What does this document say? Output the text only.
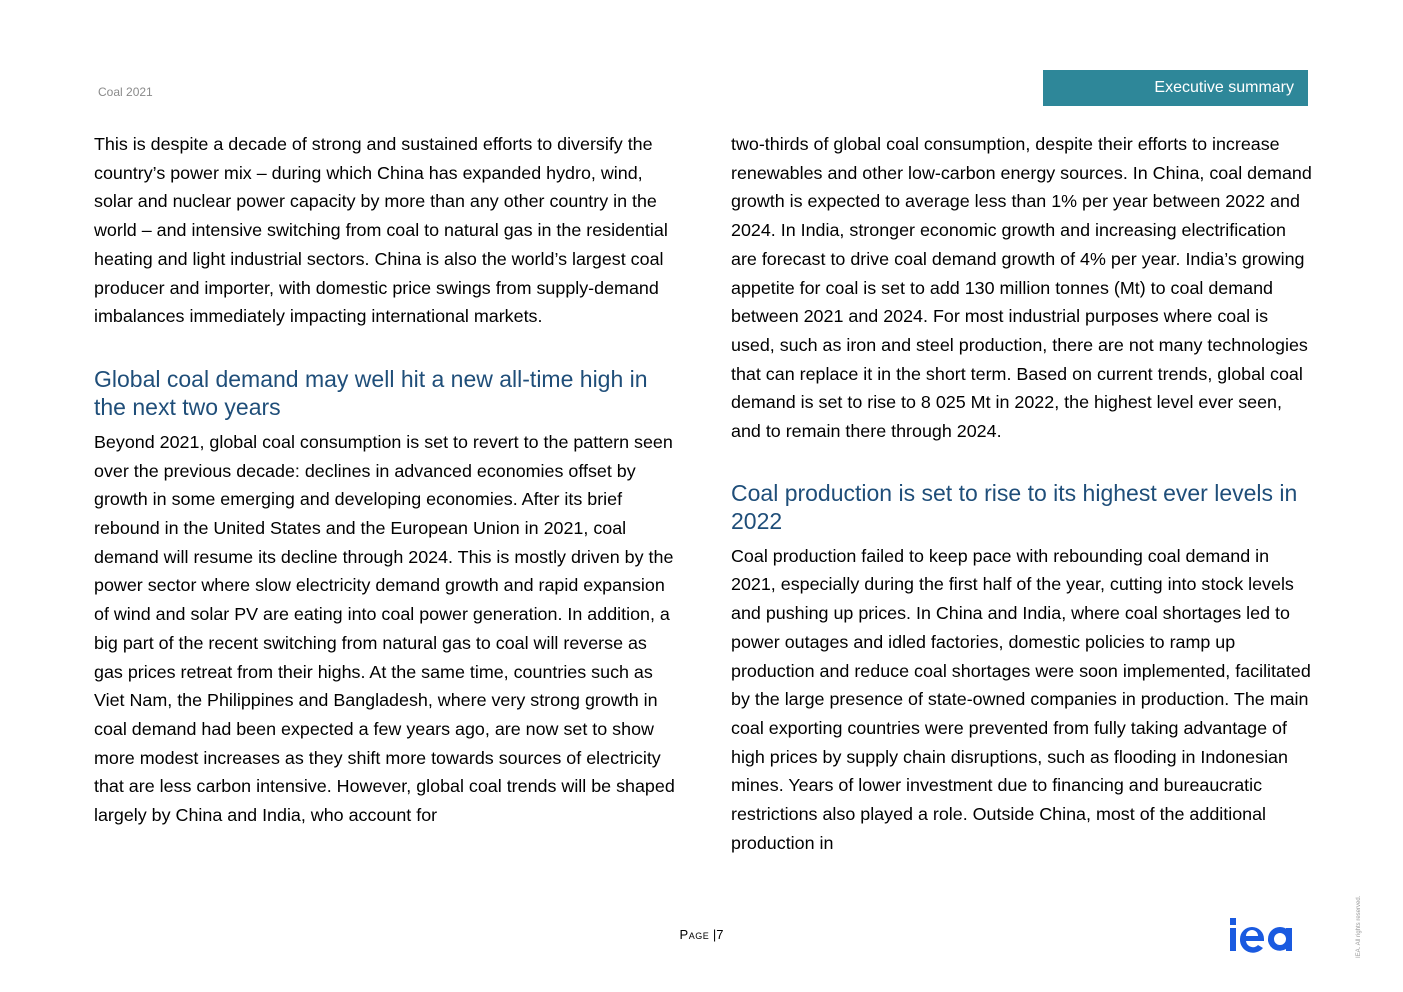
Coal 2021	Executive summary

This is despite a decade of strong and sustained efforts to diversify the country’s power mix – during which China has expanded hydro, wind, solar and nuclear power capacity by more than any other country in the world – and intensive switching from coal to natural gas in the residential heating and light industrial sectors. China is also the world’s largest coal producer and importer, with domestic price swings from supply-demand imbalances immediately impacting international markets.

Global coal demand may well hit a new all-time high in the next two years

Beyond 2021, global coal consumption is set to revert to the pattern seen over the previous decade: declines in advanced economies offset by growth in some emerging and developing economies. After its brief rebound in the United States and the European Union in 2021, coal demand will resume its decline through 2024. This is mostly driven by the power sector where slow electricity demand growth and rapid expansion of wind and solar PV are eating into coal power generation. In addition, a big part of the recent switching from natural gas to coal will reverse as gas prices retreat from their highs. At the same time, countries such as Viet Nam, the Philippines and Bangladesh, where very strong growth in coal demand had been expected a few years ago, are now set to show more modest increases as they shift more towards sources of electricity that are less carbon intensive. However, global coal trends will be shaped largely by China and India, who account for

two-thirds of global coal consumption, despite their efforts to increase renewables and other low-carbon energy sources. In China, coal demand growth is expected to average less than 1% per year between 2022 and 2024. In India, stronger economic growth and increasing electrification are forecast to drive coal demand growth of 4% per year. India’s growing appetite for coal is set to add 130 million tonnes (Mt) to coal demand between 2021 and 2024. For most industrial purposes where coal is used, such as iron and steel production, there are not many technologies that can replace it in the short term. Based on current trends, global coal demand is set to rise to 8 025 Mt in 2022, the highest level ever seen, and to remain there through 2024.

Coal production is set to rise to its highest ever levels in 2022

Coal production failed to keep pace with rebounding coal demand in 2021, especially during the first half of the year, cutting into stock levels and pushing up prices. In China and India, where coal shortages led to power outages and idled factories, domestic policies to ramp up production and reduce coal shortages were soon implemented, facilitated by the large presence of state-owned companies in production. The main coal exporting countries were prevented from fully taking advantage of high prices by supply chain disruptions, such as flooding in Indonesian mines. Years of lower investment due to financing and bureaucratic restrictions also played a role. Outside China, most of the additional production in

Page |7	IEA. All rights reserved.
